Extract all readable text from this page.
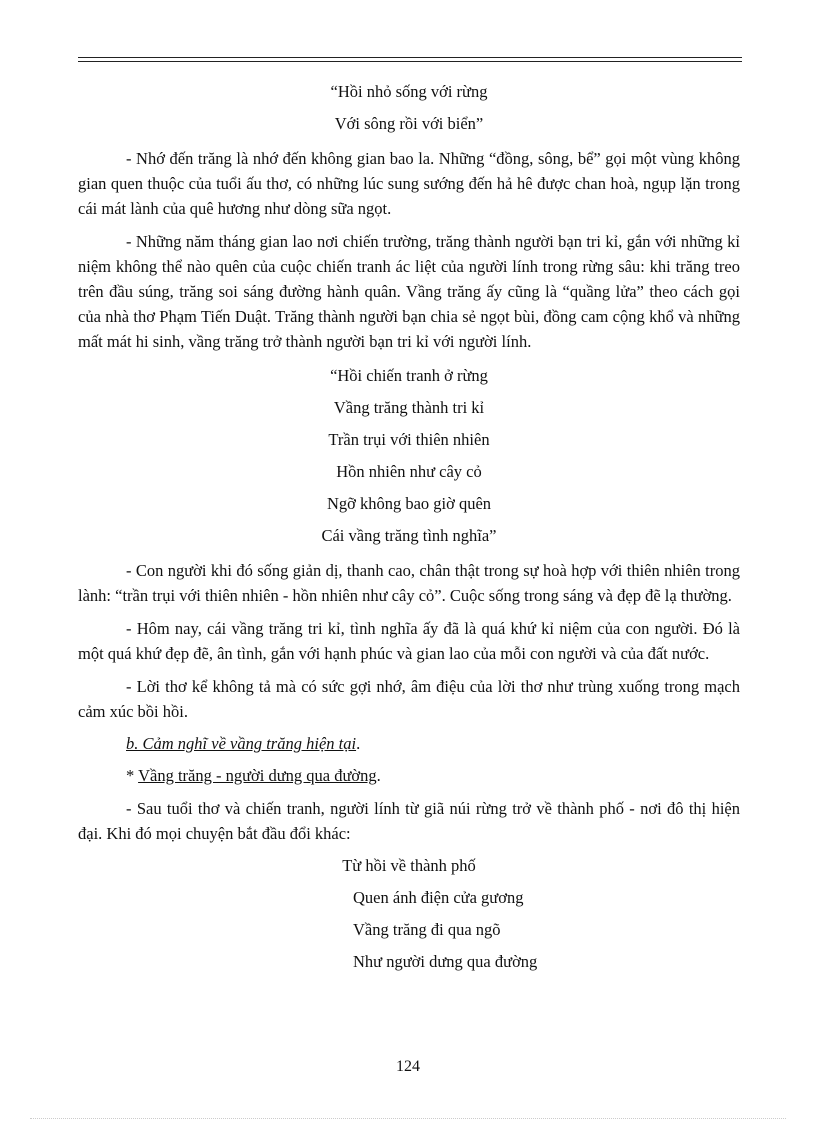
“Hồi nhỏ sống với rừng

Với sông rồi với biển”

- Nhớ đến trăng là nhớ đến không gian bao la. Những “đồng, sông, bể” gọi một vùng không gian quen thuộc của tuổi ấu thơ, có những lúc sung sướng đến hả hê được chan hoà, ngụp lặn trong cái mát lành của quê hương như dòng sữa ngọt.

- Những năm tháng gian lao nơi chiến trường, trăng thành người bạn tri kỉ, gắn với những kỉ niệm không thể nào quên của cuộc chiến tranh ác liệt của người lính trong rừng sâu: khi trăng treo trên đầu súng, trăng soi sáng đường hành quân. Vầng trăng ấy cũng là “quầng lửa” theo cách gọi của nhà thơ Phạm Tiến Duật. Trăng thành người bạn chia sẻ ngọt bùi, đồng cam cộng khổ và những mất mát hi sinh, vầng trăng trở thành người bạn tri kỉ với người lính.

“Hồi chiến tranh ở rừng

Vầng trăng thành tri kỉ

Trần trụi với thiên nhiên

Hồn nhiên như cây cỏ

Ngỡ không bao giờ quên

Cái vầng trăng tình nghĩa”

- Con người khi đó sống giản dị, thanh cao, chân thật trong sự hoà hợp với thiên nhiên trong lành: “trần trụi với thiên nhiên - hồn nhiên như cây cỏ”. Cuộc sống trong sáng và đẹp đẽ lạ thường.

- Hôm nay, cái vầng trăng tri kỉ, tình nghĩa ấy đã là quá khứ kỉ niệm của con người. Đó là một quá khứ đẹp đẽ, ân tình, gắn với hạnh phúc và gian lao của mỗi con người và của đất nước.

- Lời thơ kể không tả mà có sức gợi nhớ, âm điệu của lời thơ như trùng xuống trong mạch cảm xúc bồi hồi.

b. Cảm nghĩ về vầng trăng hiện tại.

* Vầng trăng - người dưng qua đường.

- Sau tuổi thơ và chiến tranh, người lính từ giã núi rừng trở về thành phố - nơi đô thị hiện đại. Khi đó mọi chuyện bắt đầu đổi khác:

Từ hồi về thành phố

Quen ánh điện cửa gương

Vầng trăng đi qua ngõ

Như người dưng qua đường

124
